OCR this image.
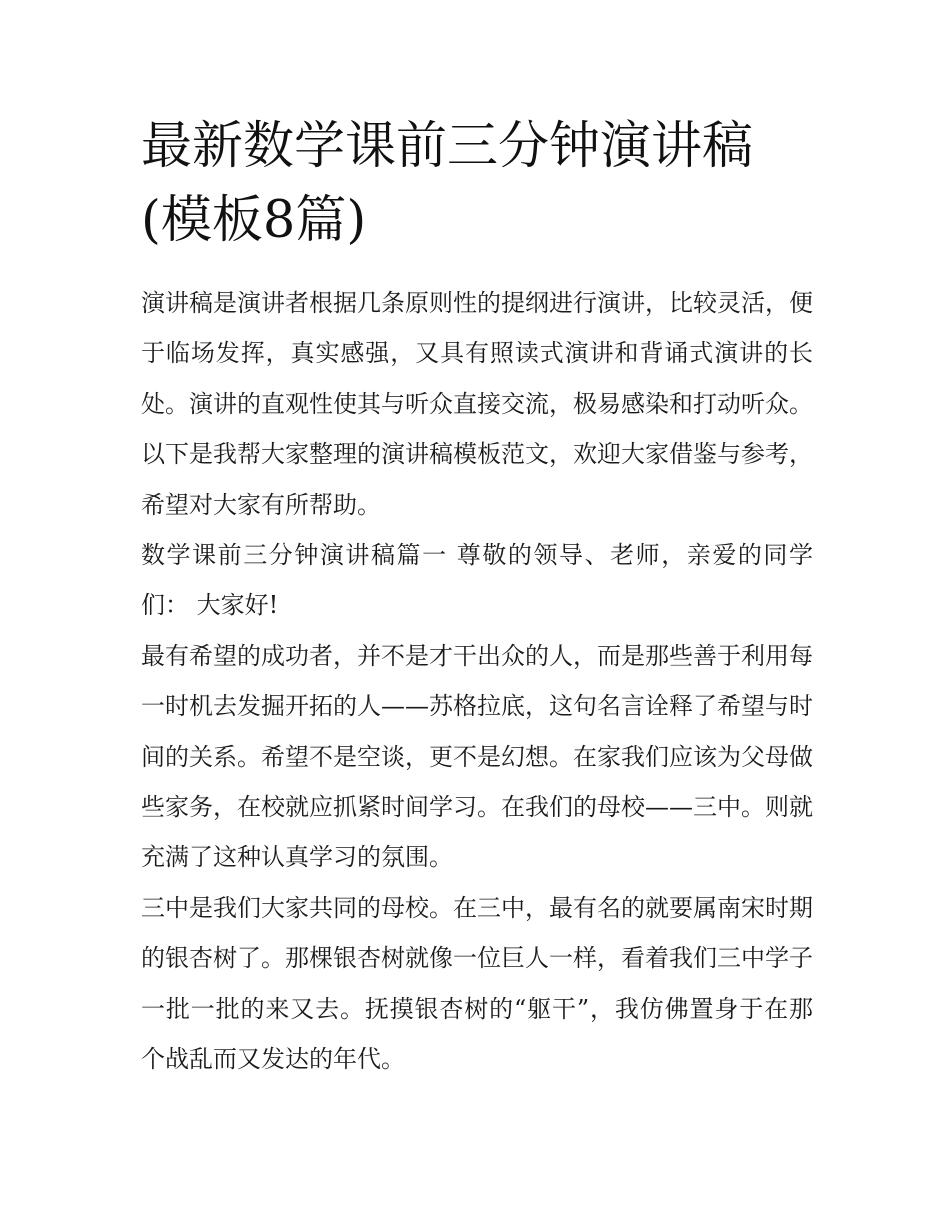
最新数学课前三分钟演讲稿(模板8篇)

演讲稿是演讲者根据几条原则性的提纲进行演讲，比较灵活，便于临场发挥，真实感强，又具有照读式演讲和背诵式演讲的长处。演讲的直观性使其与听众直接交流，极易感染和打动听众。以下是我帮大家整理的演讲稿模板范文，欢迎大家借鉴与参考，希望对大家有所帮助。

数学课前三分钟演讲稿篇一 尊敬的领导、老师，亲爱的同学们： 大家好!

最有希望的成功者，并不是才干出众的人，而是那些善于利用每一时机去发掘开拓的人——苏格拉底，这句名言诠释了希望与时间的关系。希望不是空谈，更不是幻想。在家我们应该为父母做些家务，在校就应抓紧时间学习。在我们的母校——三中。则就充满了这种认真学习的氛围。

三中是我们大家共同的母校。在三中，最有名的就要属南宋时期的银杏树了。那棵银杏树就像一位巨人一样，看着我们三中学子一批一批的来又去。抚摸银杏树的“躯干”，我仿佛置身于在那个战乱而又发达的年代。
